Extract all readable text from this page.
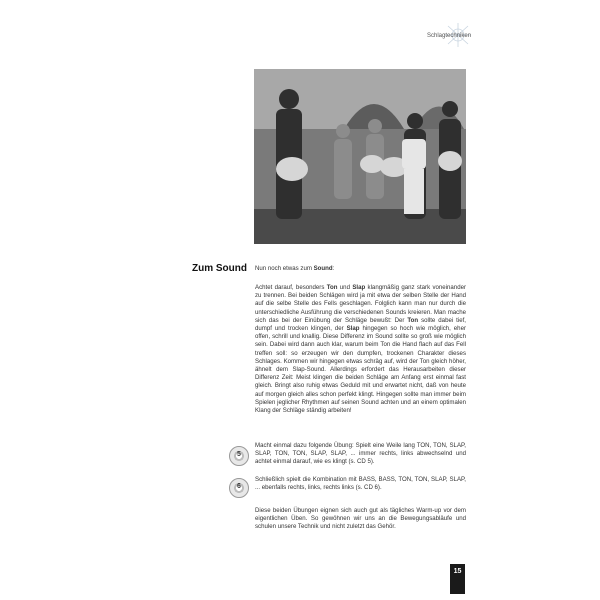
Schlagtechniken
Zum Sound Nun noch etwas zum Sound:
Achtet darauf, besonders Ton und Slap klangmäßig ganz stark voneinander zu trennen. Bei beiden Schlägen wird ja mit etwa der selben Stelle der Hand auf die selbe Stelle des Fells geschlagen. Folglich kann man nur durch die unterschiedliche Ausführung die verschiedenen Sounds kreieren. Man mache sich das bei der Einübung der Schläge bewußt: Der Ton sollte dabei tief, dumpf und trocken klingen, der Slap hingegen so hoch wie möglich, eher offen, schrill und knallig. Diese Differenz im Sound sollte so groß wie möglich sein. Dabei wird dann auch klar, warum beim Ton die Hand flach auf das Fell treffen soll: so erzeugen wir den dumpfen, trockenen Charakter dieses Schlages. Kommen wir hingegen etwas schräg auf, wird der Ton gleich höher, ähnelt dem Slap-Sound. Allerdings erfordert das Herausarbeiten dieser Differenz Zeit: Meist klingen die beiden Schläge am Anfang erst einmal fast gleich. Bringt also ruhig etwas Geduld mit und erwartet nicht, daß von heute auf morgen gleich alles schon perfekt klingt. Hingegen sollte man immer beim Spielen jeglicher Rhythmen auf seinen Sound achten und an einem optimalen Klang der Schläge ständig arbeiten!
5
Macht einmal dazu folgende Übung: Spielt eine Weile lang TON, TON, SLAP, SLAP, TON, TON, SLAP, SLAP, ... immer rechts, links abwechselnd und achtet einmal darauf, wie es klingt (s. CD 5).
6
Schließlich spielt die Kombination mit BASS, BASS, TON, TON, SLAP, SLAP, ... ebenfalls rechts, links, rechts links (s. CD 6).
Diese beiden Übungen eignen sich auch gut als tägliches Warm-up vor dem eigentlichen Üben. So gewöhnen wir uns an die Bewegungsabläufe und schulen unsere Technik und nicht zuletzt das Gehör.
15
